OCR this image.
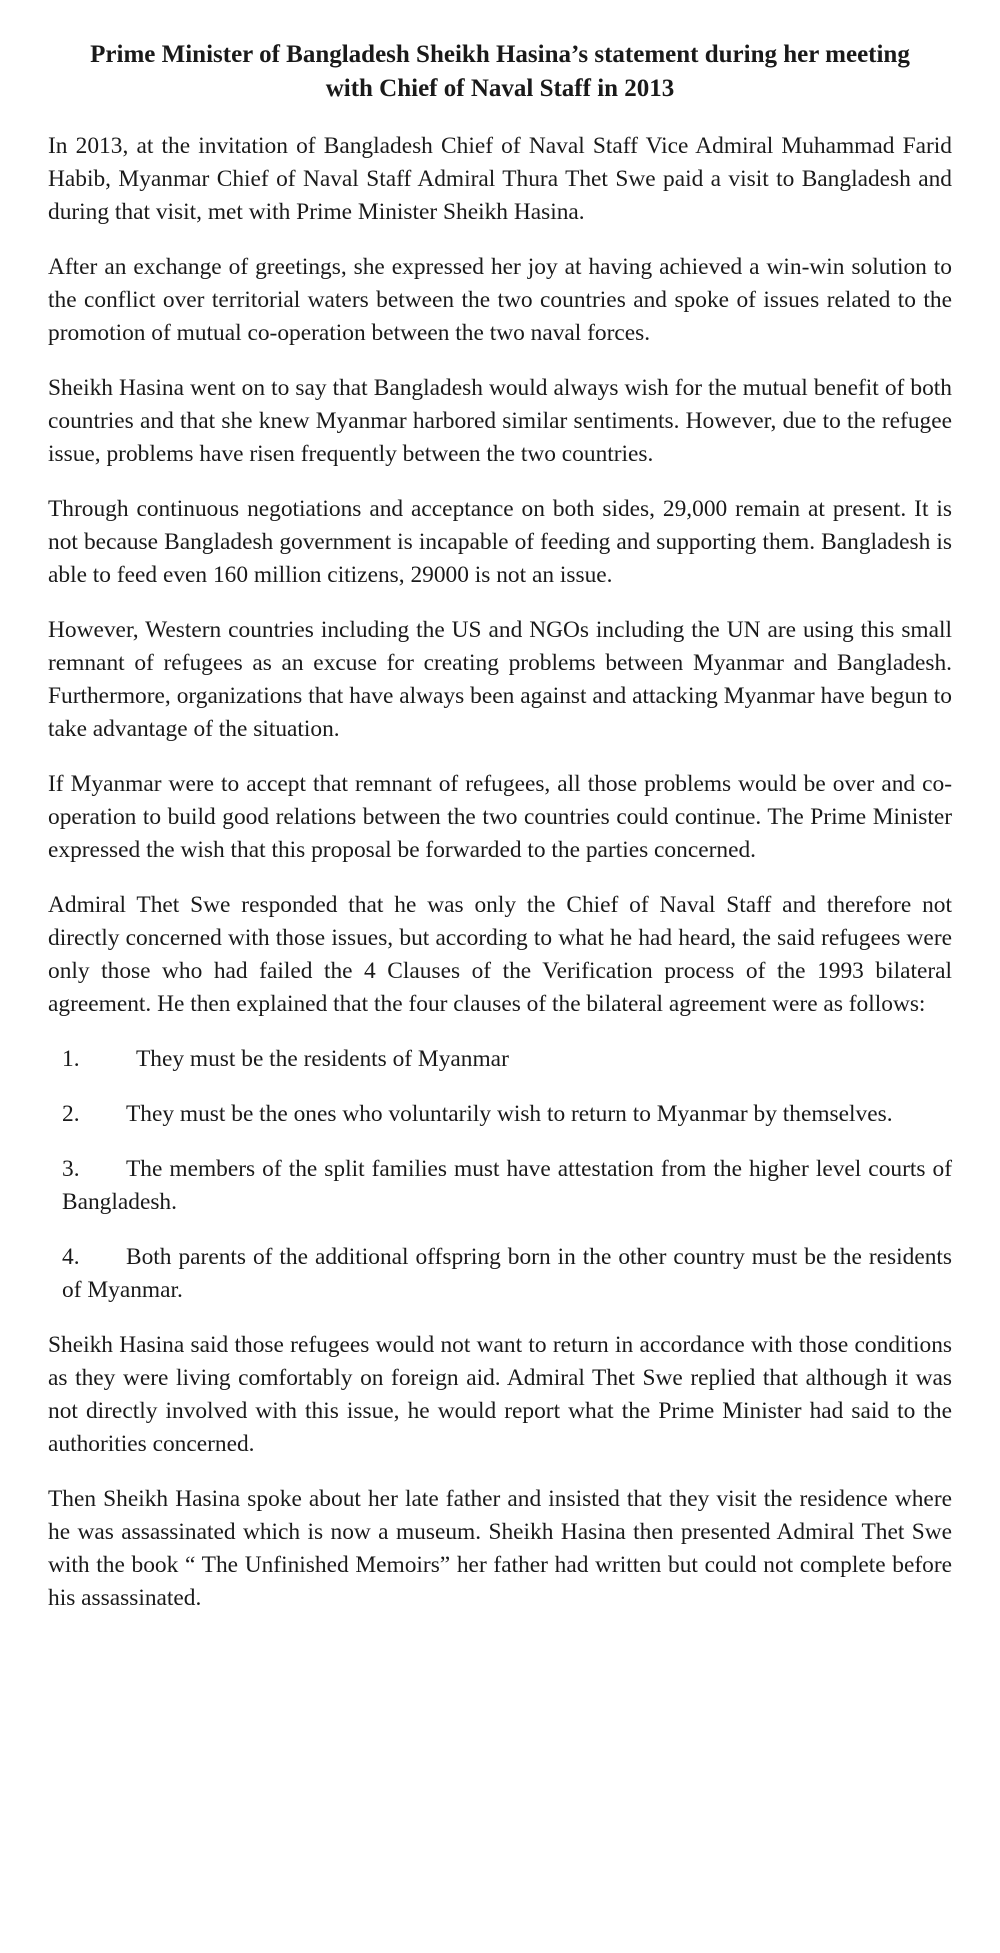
Prime Minister of Bangladesh Sheikh Hasina’s statement during her meeting with Chief of Naval Staff in 2013

In 2013, at the invitation of Bangladesh Chief of Naval Staff Vice Admiral Muhammad Farid Habib, Myanmar Chief of Naval Staff Admiral Thura Thet Swe paid a visit to Bangladesh and during that visit, met with Prime Minister Sheikh Hasina.

After an exchange of greetings, she expressed her joy at having achieved a win-win solution to the conflict over territorial waters between the two countries and spoke of issues related to the promotion of mutual co-operation between the two naval forces.

Sheikh Hasina went on to say that Bangladesh would always wish for the mutual benefit of both countries and that she knew Myanmar harbored similar sentiments. However, due to the refugee issue, problems have risen frequently between the two countries.

Through continuous negotiations and acceptance on both sides, 29,000 remain at present. It is not because Bangladesh government is incapable of feeding and supporting them. Bangladesh is able to feed even 160 million citizens, 29000 is not an issue.

However, Western countries including the US and NGOs including the UN are using this small remnant of refugees as an excuse for creating problems between Myanmar and Bangladesh. Furthermore, organizations that have always been against and attacking Myanmar have begun to take advantage of the situation.

If Myanmar were to accept that remnant of refugees, all those problems would be over and co-operation to build good relations between the two countries could continue. The Prime Minister expressed the wish that this proposal be forwarded to the parties concerned.

Admiral Thet Swe responded that he was only the Chief of Naval Staff and therefore not directly concerned with those issues, but according to what he had heard, the said refugees were only those who had failed the 4 Clauses of the Verification process of the 1993 bilateral agreement. He then explained that the four clauses of the bilateral agreement were as follows:

1. They must be the residents of Myanmar
2. They must be the ones who voluntarily wish to return to Myanmar by themselves.
3. The members of the split families must have attestation from the higher level courts of Bangladesh.
4. Both parents of the additional offspring born in the other country must be the residents of Myanmar.

Sheikh Hasina said those refugees would not want to return in accordance with those conditions as they were living comfortably on foreign aid. Admiral Thet Swe replied that although it was not directly involved with this issue, he would report what the Prime Minister had said to the authorities concerned.

Then Sheikh Hasina spoke about her late father and insisted that they visit the residence where he was assassinated which is now a museum. Sheikh Hasina then presented Admiral Thet Swe with the book “ The Unfinished Memoirs” her father had written but could not complete before his assassinated.
